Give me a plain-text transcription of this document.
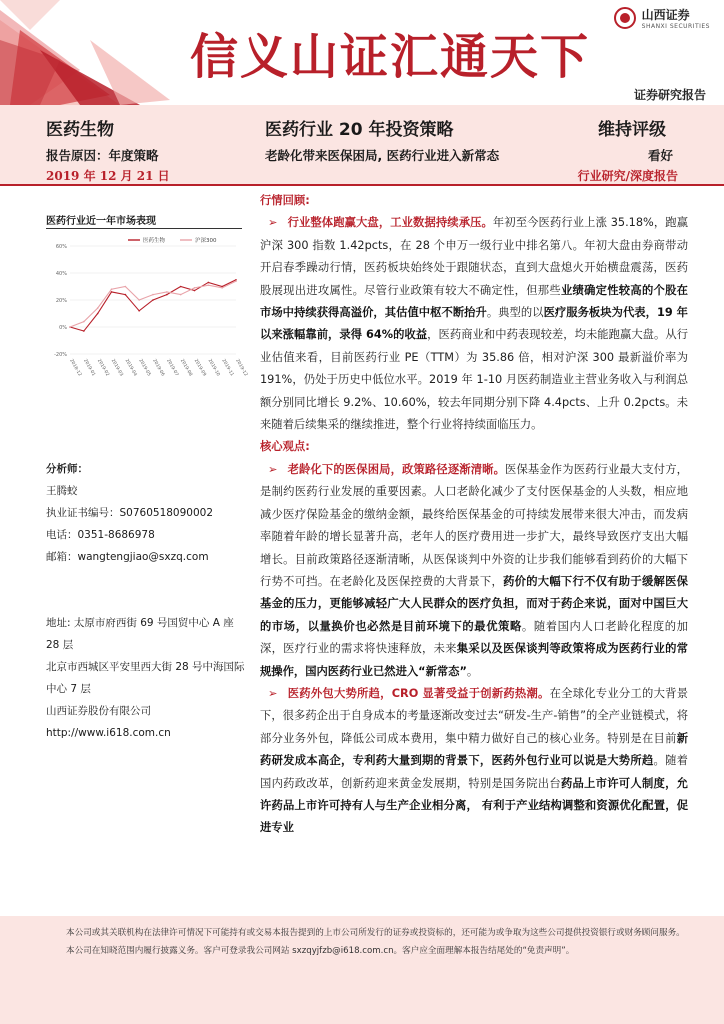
信义山证汇通天下
山西证券
SHANXI SECURITIES
证券研究报告
医药生物	医药行业 20 年投资策略	维持评级
报告原因：年度策略	老龄化带来医保困局, 医药行业进入新常态	看好
2019 年 12 月 21 日	行业研究/深度报告
医药行业近一年市场表现
-20%
0%
20%
40%
60%
2018-12 2019-01 2019-02 2019-03 2019-04 2019-05 2019-06 2019-07 2019-08 2019-09 2019-10 2019-11 2019-12
医药生物	沪深300
分析师：
王腾蛟
执业证书编号：S0760518090002
电话：0351-8686978
邮箱：wangtengjiao@sxzq.com
地址: 太原市府西街 69 号国贸中心 A 座 28 层
北京市西城区平安里西大街 28 号中海国际中心 7 层
山西证券股份有限公司
http://www.i618.com.cn
行情回顾:
➢ 行业整体跑赢大盘，工业数据持续承压。年初至今医药行业上涨 35.18%，跑赢沪深 300 指数 1.42pcts，在 28 个申万一级行业中排名第八。年初大盘由券商带动开启春季躁动行情，医药板块始终处于跟随状态，直到大盘熄火开始横盘震荡，医药股展现出进攻属性。尽管行业政策有较大不确定性，但那些业绩确定性较高的个股在市场中持续获得高溢价，其估值中枢不断抬升。典型的以医疗服务板块为代表，19 年以来涨幅靠前，录得 64%的收益，医药商业和中药表现较差，均未能跑赢大盘。从行业估值来看，目前医药行业 PE（TTM）为 35.86 倍，相对沪深 300 最新溢价率为 191%，仍处于历史中低位水平。2019 年 1-10 月医药制造业主营业务收入与利润总额分别同比增长 9.2%、10.60%，较去年同期分别下降 4.4pcts、上升 0.2pcts。未来随着后续集采的继续推进，整个行业将持续面临压力。
核心观点:
➢ 老龄化下的医保困局，政策路径逐渐清晰。医保基金作为医药行业最大支付方，是制约医药行业发展的重要因素。人口老龄化减少了支付医保基金的人头数，相应地减少医疗保险基金的缴纳金额，最终给医保基金的可持续发展带来很大冲击，而发病率随着年龄的增长显著升高，老年人的医疗费用进一步扩大，最终导致医疗支出大幅增长。目前政策路径逐渐清晰，从医保谈判中外资的让步我们能够看到药价的大幅下行势不可挡。在老龄化及医保控费的大背景下，药价的大幅下行不仅有助于缓解医保基金的压力，更能够减轻广大人民群众的医疗负担，而对于药企来说，面对中国巨大的市场，以量换价也必然是目前环境下的最优策略。随着国内人口老龄化程度的加深，医疗行业的需求将快速释放，未来集采以及医保谈判等政策将成为医药行业的常规操作，国内医药行业已然进入“新常态”。
➢ 医药外包大势所趋，CRO 显著受益于创新药热潮。在全球化专业分工的大背景下，很多药企出于自身成本的考量逐渐改变过去“研发-生产-销售”的全产业链模式，将部分业务外包，降低公司成本费用，集中精力做好自己的核心业务。特别是在目前新药研发成本高企，专利药大量到期的背景下，医药外包行业可以说是大势所趋。随着国内药政改革，创新药迎来黄金发展期，特别是国务院出台药品上市许可人制度，允许药品上市许可持有人与生产企业相分离， 有利于产业结构调整和资源优化配置，促进专业
本公司或其关联机构在法律许可情况下可能持有或交易本报告提到的上市公司所发行的证券或投资标的，还可能为或争取为这些公司提供投资银行或财务顾问服务。本公司在知晓范围内履行披露义务。客户可登录我公司网站 sxzqyjfzb@i618.com.cn。客户应全面理解本报告结尾处的“免责声明”。
